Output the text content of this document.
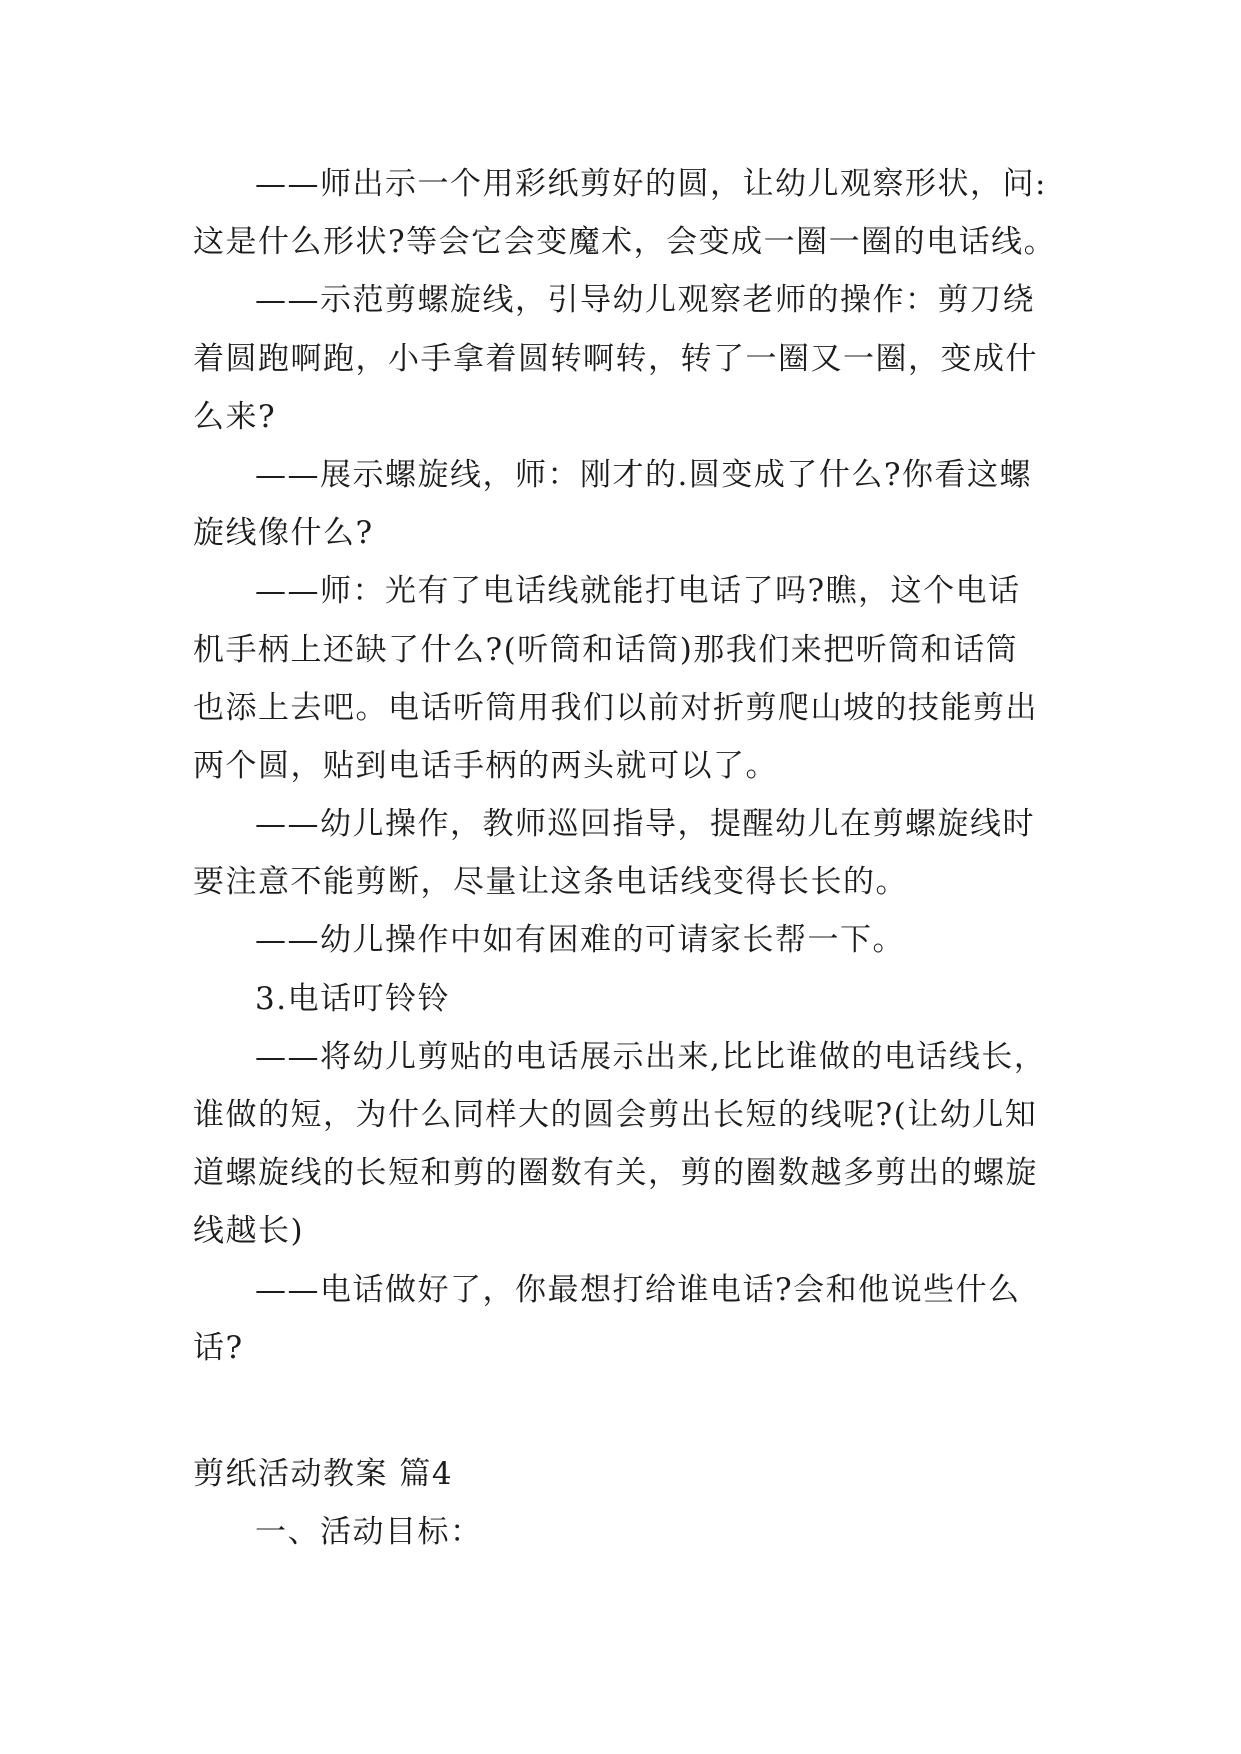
——师出示一个用彩纸剪好的圆，让幼儿观察形状，问:
这是什么形状?等会它会变魔术，会变成一圈一圈的电话线。
——示范剪螺旋线，引导幼儿观察老师的操作：剪刀绕
着圆跑啊跑，小手拿着圆转啊转，转了一圈又一圈，变成什
么来?
——展示螺旋线，师：刚才的.圆变成了什么?你看这螺
旋线像什么?
——师：光有了电话线就能打电话了吗?瞧，这个电话
机手柄上还缺了什么?(听筒和话筒)那我们来把听筒和话筒
也添上去吧。电话听筒用我们以前对折剪爬山坡的技能剪出
两个圆，贴到电话手柄的两头就可以了。
——幼儿操作，教师巡回指导，提醒幼儿在剪螺旋线时
要注意不能剪断，尽量让这条电话线变得长长的。
——幼儿操作中如有困难的可请家长帮一下。
3.电话叮铃铃
——将幼儿剪贴的电话展示出来,比比谁做的电话线长，
谁做的短，为什么同样大的圆会剪出长短的线呢?(让幼儿知
道螺旋线的长短和剪的圈数有关，剪的圈数越多剪出的螺旋
线越长)
——电话做好了，你最想打给谁电话?会和他说些什么
话?
剪纸活动教案 篇4
一、活动目标：
